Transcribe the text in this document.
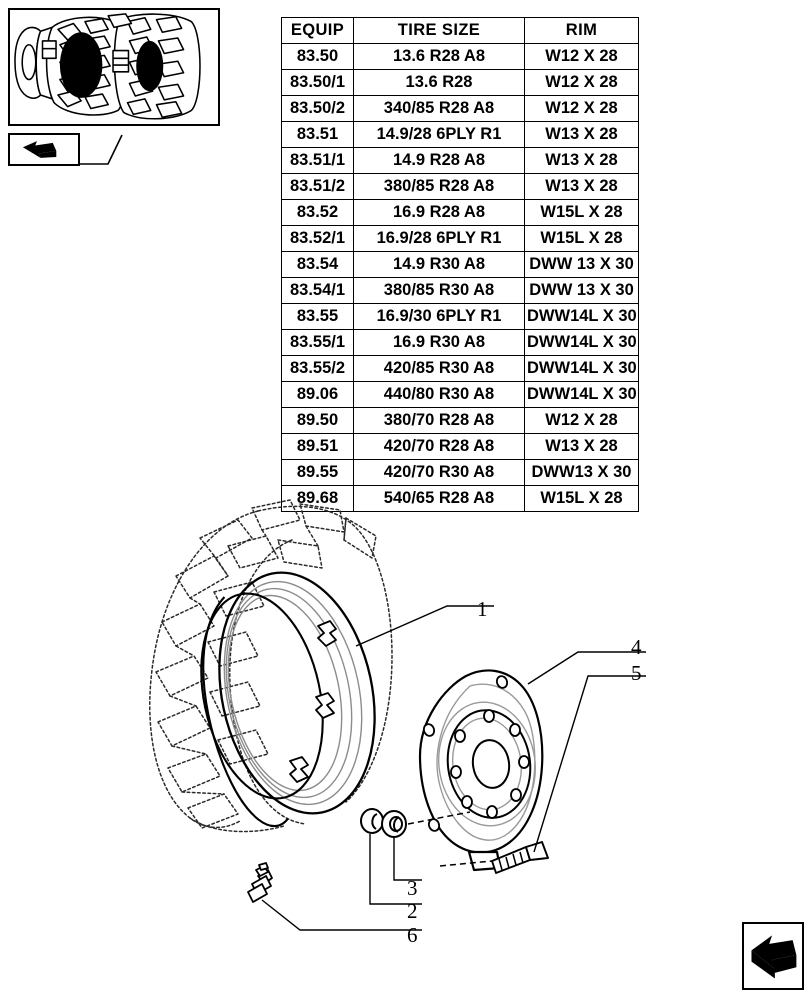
EQUIP	TIRE SIZE	RIM
83.50	13.6 R28 A8	W12 X 28
83.50/1	13.6 R28	W12 X 28
83.50/2	340/85 R28 A8	W12 X 28
83.51	14.9/28 6PLY R1	W13 X 28
83.51/1	14.9 R28 A8	W13 X 28
83.51/2	380/85 R28 A8	W13 X 28
83.52	16.9 R28 A8	W15L X 28
83.52/1	16.9/28 6PLY R1	W15L X 28
83.54	14.9 R30 A8	DWW 13 X 30
83.54/1	380/85 R30 A8	DWW 13 X 30
83.55	16.9/30 6PLY R1	DWW14L X 30
83.55/1	16.9 R30 A8	DWW14L X 30
83.55/2	420/85 R30 A8	DWW14L X 30
89.06	440/80 R30 A8	DWW14L X 30
89.50	380/70 R28 A8	W12 X 28
89.51	420/70 R28 A8	W13 X 28
89.55	420/70 R30 A8	DWW13 X 30
89.68	540/65 R28 A8	W15L X 28
1
4
5
3
2
6
